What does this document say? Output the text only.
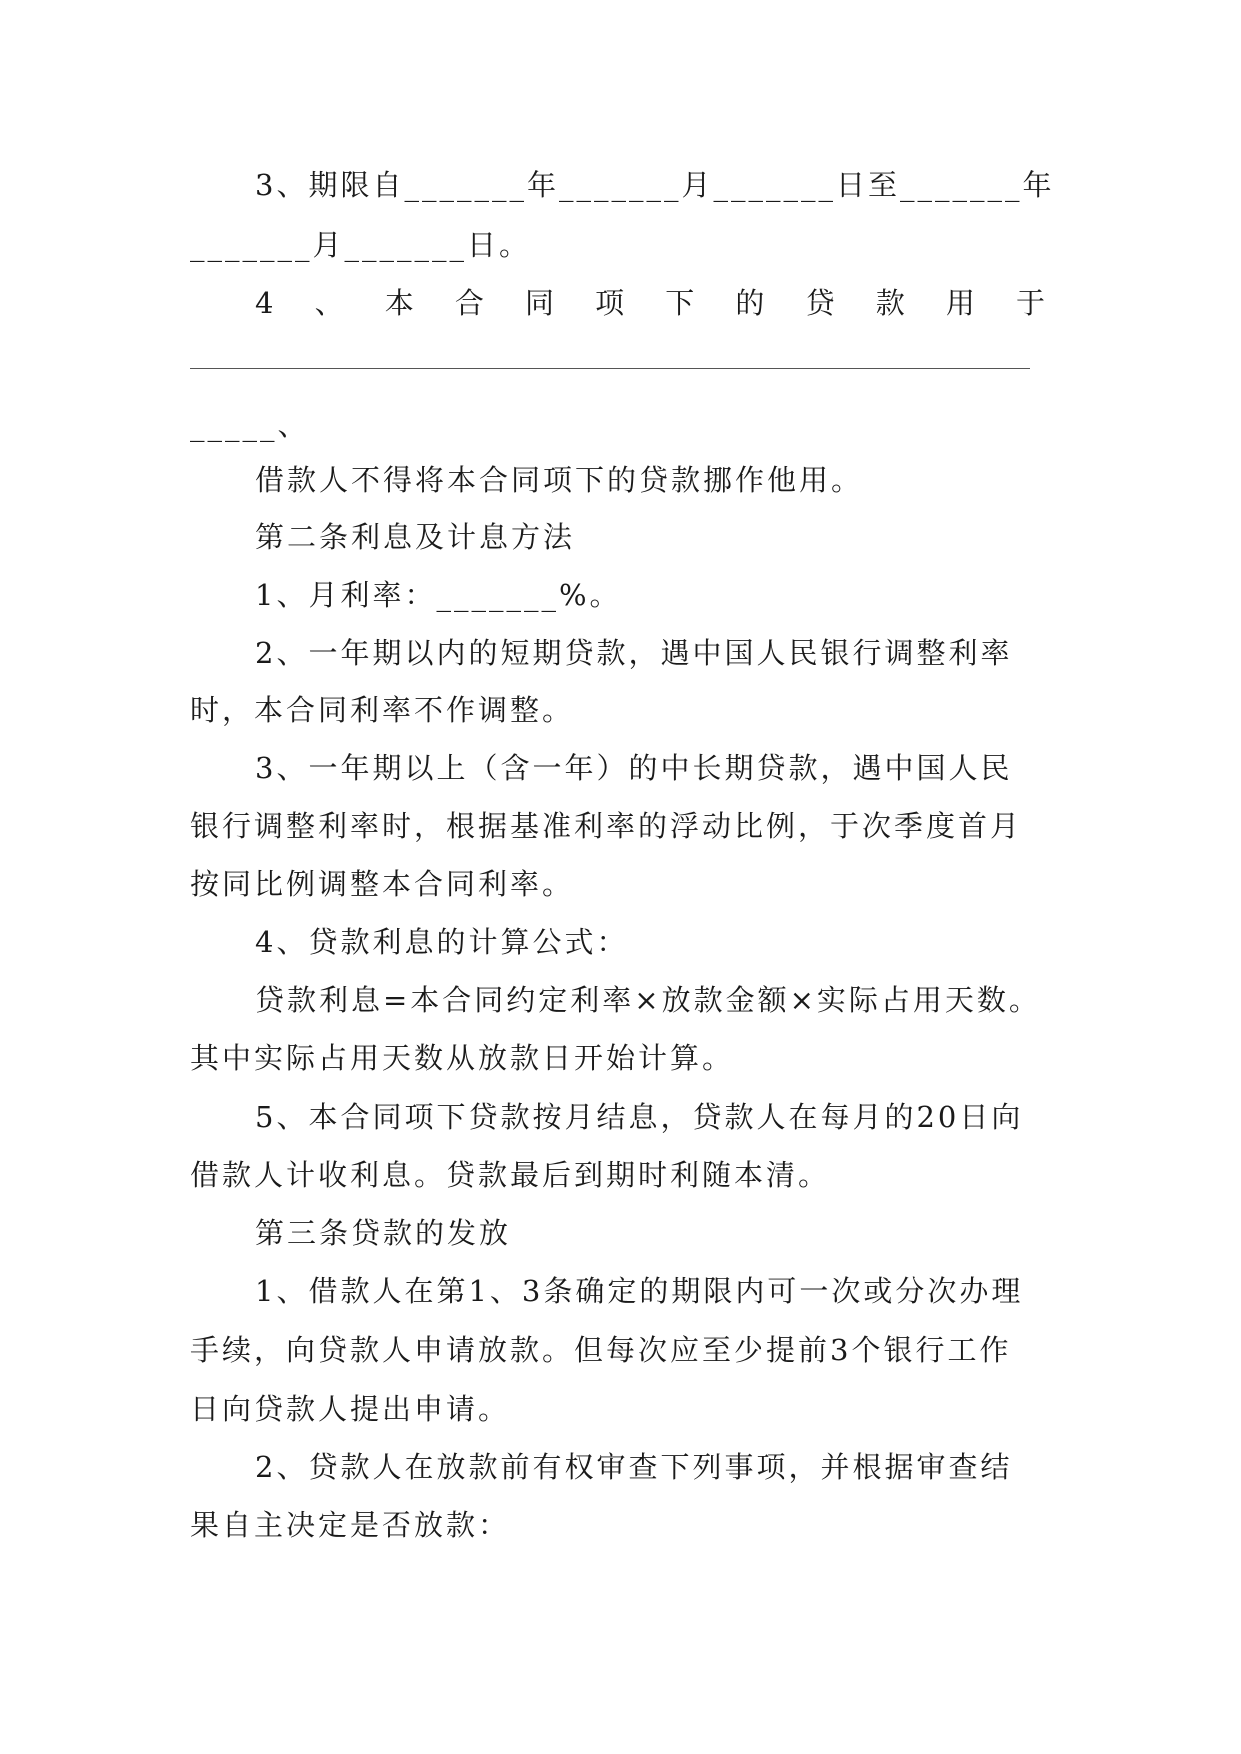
3、期限自_______年_______月_______日至_______年
_______月_______日。
4 、 本 合 同 项 下 的 贷 款 用 于
_____、
借款人不得将本合同项下的贷款挪作他用。
第二条利息及计息方法
1、月利率：_______%。
2、一年期以内的短期贷款，遇中国人民银行调整利率
时，本合同利率不作调整。
3、一年期以上（含一年）的中长期贷款，遇中国人民
银行调整利率时，根据基准利率的浮动比例，于次季度首月
按同比例调整本合同利率。
4、贷款利息的计算公式：
贷款利息=本合同约定利率×放款金额×实际占用天数。
其中实际占用天数从放款日开始计算。
5、本合同项下贷款按月结息，贷款人在每月的20日向
借款人计收利息。贷款最后到期时利随本清。
第三条贷款的发放
1、借款人在第1、3条确定的期限内可一次或分次办理
手续，向贷款人申请放款。但每次应至少提前3个银行工作
日向贷款人提出申请。
2、贷款人在放款前有权审查下列事项，并根据审查结
果自主决定是否放款：
